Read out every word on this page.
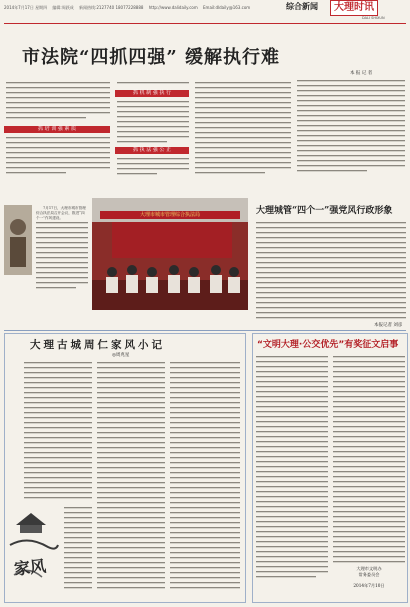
2014年7月17日 星期四 编辑:周跃成 新闻热线:2127740 18077228888 http://www.dalidaily.com Email:dldaily@163.com	综合新闻	大理时讯
DALI SHIXUN
市法院“四抓四强” 缓解执行难

抓 培 训 强 素 质
抓 机 制 强 执 行
抓 执 法 强 公 正
本 报 记 者
大理市城市管理综合执法局

7月17日，大理市城市管理综合执法局召开会议，推进“四个一”作风建设。

大理城管“四个一”强党风行政形象
本报记者 刘彦
大理古城周仁家风小记
◎周兆星
家风
“文明大理·公交优先”有奖征文启事
大理市文明办
常务委员会
2014年7月10日
